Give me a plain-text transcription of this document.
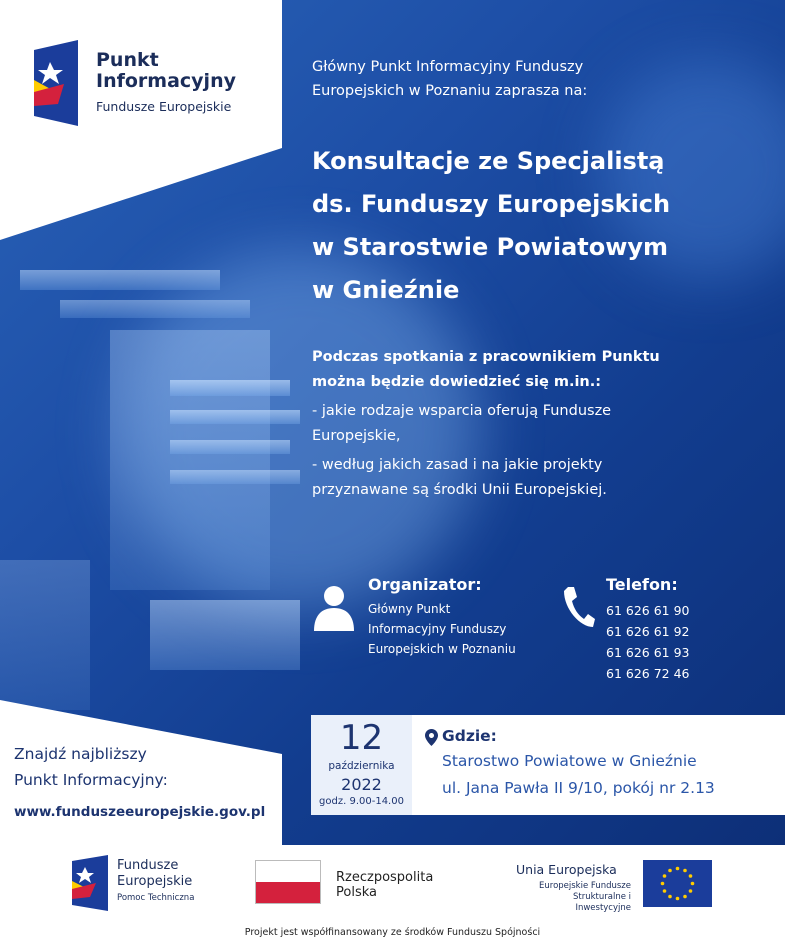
Punkt
Informacyjny
Fundusze Europejskie
Główny Punkt Informacyjny Funduszy
Europejskich w Poznaniu zaprasza na:
Konsultacje ze Specjalistą
ds. Funduszy Europejskich
w Starostwie Powiatowym
w Gnieźnie
Podczas spotkania z pracownikiem Punktu
można będzie dowiedzieć się m.in.:
- jakie rodzaje wsparcia oferują Fundusze
Europejskie,
- według jakich zasad i na jakie projekty
przyznawane są środki Unii Europejskiej.
Organizator:
Główny Punkt
Informacyjny Funduszy
Europejskich w Poznaniu
Telefon:
61 626 61 90
61 626 61 92
61 626 61 93
61 626 72 46
Znajdź najbliższy
Punkt Informacyjny:
www.funduszeeuropejskie.gov.pl
12
października
2022
godz. 9.00-14.00
Gdzie:
Starostwo Powiatowe w Gnieźnie
ul. Jana Pawła II 9/10, pokój nr 2.13
Fundusze
Europejskie
Pomoc Techniczna
Rzeczpospolita
Polska
Unia Europejska
Europejskie Fundusze
Strukturalne i Inwestycyjne
Projekt jest współfinansowany ze środków Funduszu Spójności
